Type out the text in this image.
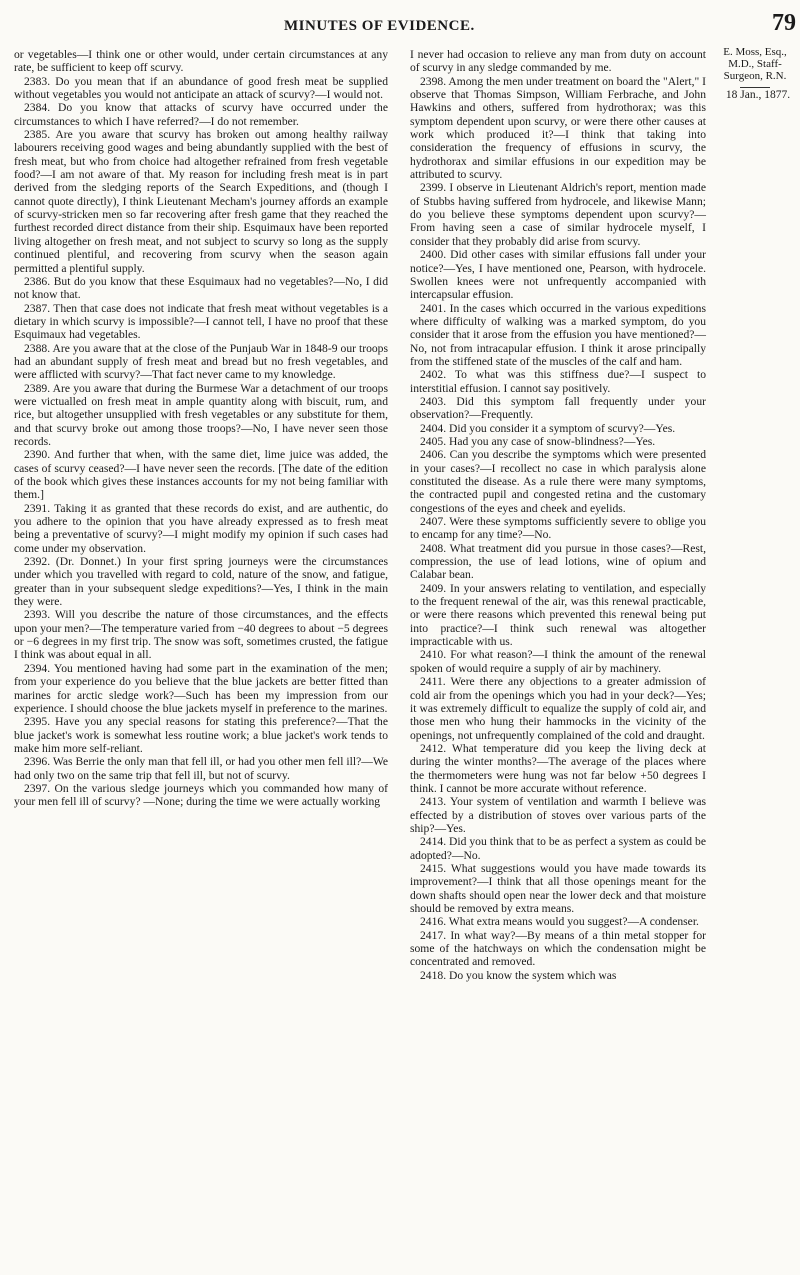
MINUTES OF EVIDENCE.	79

or vegetables—I think one or other would, under certain circumstances at any rate, be sufficient to keep off scurvy.

2383. Do you mean that if an abundance of good fresh meat be supplied without vegetables you would not anticipate an attack of scurvy?—I would not.

2384. Do you know that attacks of scurvy have occurred under the circumstances to which I have referred?—I do not remember.

2385. Are you aware that scurvy has broken out among healthy railway labourers receiving good wages and being abundantly supplied with the best of fresh meat, but who from choice had altogether refrained from fresh vegetable food?—I am not aware of that. My reason for including fresh meat is in part derived from the sledging reports of the Search Expeditions, and (though I cannot quote directly), I think Lieutenant Mecham's journey affords an example of scurvy-stricken men so far recovering after fresh game that they reached the furthest recorded direct distance from their ship. Esquimaux have been reported living altogether on fresh meat, and not subject to scurvy so long as the supply continued plentiful, and recovering from scurvy when the season again permitted a plentiful supply.

2386. But do you know that these Esquimaux had no vegetables?—No, I did not know that.

2387. Then that case does not indicate that fresh meat without vegetables is a dietary in which scurvy is impossible?—I cannot tell, I have no proof that these Esquimaux had vegetables.

2388. Are you aware that at the close of the Punjaub War in 1848-9 our troops had an abundant supply of fresh meat and bread but no fresh vegetables, and were afflicted with scurvy?—That fact never came to my knowledge.

2389. Are you aware that during the Burmese War a detachment of our troops were victualled on fresh meat in ample quantity along with biscuit, rum, and rice, but altogether unsupplied with fresh vegetables or any substitute for them, and that scurvy broke out among those troops?—No, I have never seen those records.

2390. And further that when, with the same diet, lime juice was added, the cases of scurvy ceased?—I have never seen the records. [The date of the edition of the book which gives these instances accounts for my not being familiar with them.]

2391. Taking it as granted that these records do exist, and are authentic, do you adhere to the opinion that you have already expressed as to fresh meat being a preventative of scurvy?—I might modify my opinion if such cases had come under my observation.

2392. (Dr. Donnet.) In your first spring journeys were the circumstances under which you travelled with regard to cold, nature of the snow, and fatigue, greater than in your subsequent sledge expeditions?—Yes, I think in the main they were.

2393. Will you describe the nature of those circumstances, and the effects upon your men?—The temperature varied from −40 degrees to about −5 degrees or −6 degrees in my first trip. The snow was soft, sometimes crusted, the fatigue I think was about equal in all.

2394. You mentioned having had some part in the examination of the men; from your experience do you believe that the blue jackets are better fitted than marines for arctic sledge work?—Such has been my impression from our experience. I should choose the blue jackets myself in preference to the marines.

2395. Have you any special reasons for stating this preference?—That the blue jacket's work is somewhat less routine work; a blue jacket's work tends to make him more self-reliant.

2396. Was Berrie the only man that fell ill, or had you other men fell ill?—We had only two on the same trip that fell ill, but not of scurvy.

2397. On the various sledge journeys which you commanded how many of your men fell ill of scurvy? —None; during the time we were actually working

I never had occasion to relieve any man from duty on account of scurvy in any sledge commanded by me.

2398. Among the men under treatment on board the "Alert," I observe that Thomas Simpson, William Ferbrache, and John Hawkins and others, suffered from hydrothorax; was this symptom dependent upon scurvy, or were there other causes at work which produced it?—I think that taking into consideration the frequency of effusions in scurvy, the hydrothorax and similar effusions in our expedition may be attributed to scurvy.

2399. I observe in Lieutenant Aldrich's report, mention made of Stubbs having suffered from hydrocele, and likewise Mann; do you believe these symptoms dependent upon scurvy?—From having seen a case of similar hydrocele myself, I consider that they probably did arise from scurvy.

2400. Did other cases with similar effusions fall under your notice?—Yes, I have mentioned one, Pearson, with hydrocele. Swollen knees were not unfrequently accompanied with intercapsular effusion.

2401. In the cases which occurred in the various expeditions where difficulty of walking was a marked symptom, do you consider that it arose from the effusion you have mentioned?—No, not from intracapular effusion. I think it arose principally from the stiffened state of the muscles of the calf and ham.

2402. To what was this stiffness due?—I suspect to interstitial effusion. I cannot say positively.

2403. Did this symptom fall frequently under your observation?—Frequently.

2404. Did you consider it a symptom of scurvy?—Yes.

2405. Had you any case of snow-blindness?—Yes.

2406. Can you describe the symptoms which were presented in your cases?—I recollect no case in which paralysis alone constituted the disease. As a rule there were many symptoms, the contracted pupil and congested retina and the customary congestions of the eyes and cheek and eyelids.

2407. Were these symptoms sufficiently severe to oblige you to encamp for any time?—No.

2408. What treatment did you pursue in those cases?—Rest, compression, the use of lead lotions, wine of opium and Calabar bean.

2409. In your answers relating to ventilation, and especially to the frequent renewal of the air, was this renewal practicable, or were there reasons which prevented this renewal being put into practice?—I think such renewal was altogether impracticable with us.

2410. For what reason?—I think the amount of the renewal spoken of would require a supply of air by machinery.

2411. Were there any objections to a greater admission of cold air from the openings which you had in your deck?—Yes; it was extremely difficult to equalize the supply of cold air, and those men who hung their hammocks in the vicinity of the openings, not unfrequently complained of the cold and draught.

2412. What temperature did you keep the living deck at during the winter months?—The average of the places where the thermometers were hung was not far below +50 degrees I think. I cannot be more accurate without reference.

2413. Your system of ventilation and warmth I believe was effected by a distribution of stoves over various parts of the ship?—Yes.

2414. Did you think that to be as perfect a system as could be adopted?—No.

2415. What suggestions would you have made towards its improvement?—I think that all those openings meant for the down shafts should open near the lower deck and that moisture should be removed by extra means.

2416. What extra means would you suggest?—A condenser.

2417. In what way?—By means of a thin metal stopper for some of the hatchways on which the condensation might be concentrated and removed.

2418. Do you know the system which was

E. Moss, Esq., M.D., Staff-Surgeon, R.N.
18 Jan., 1877.
